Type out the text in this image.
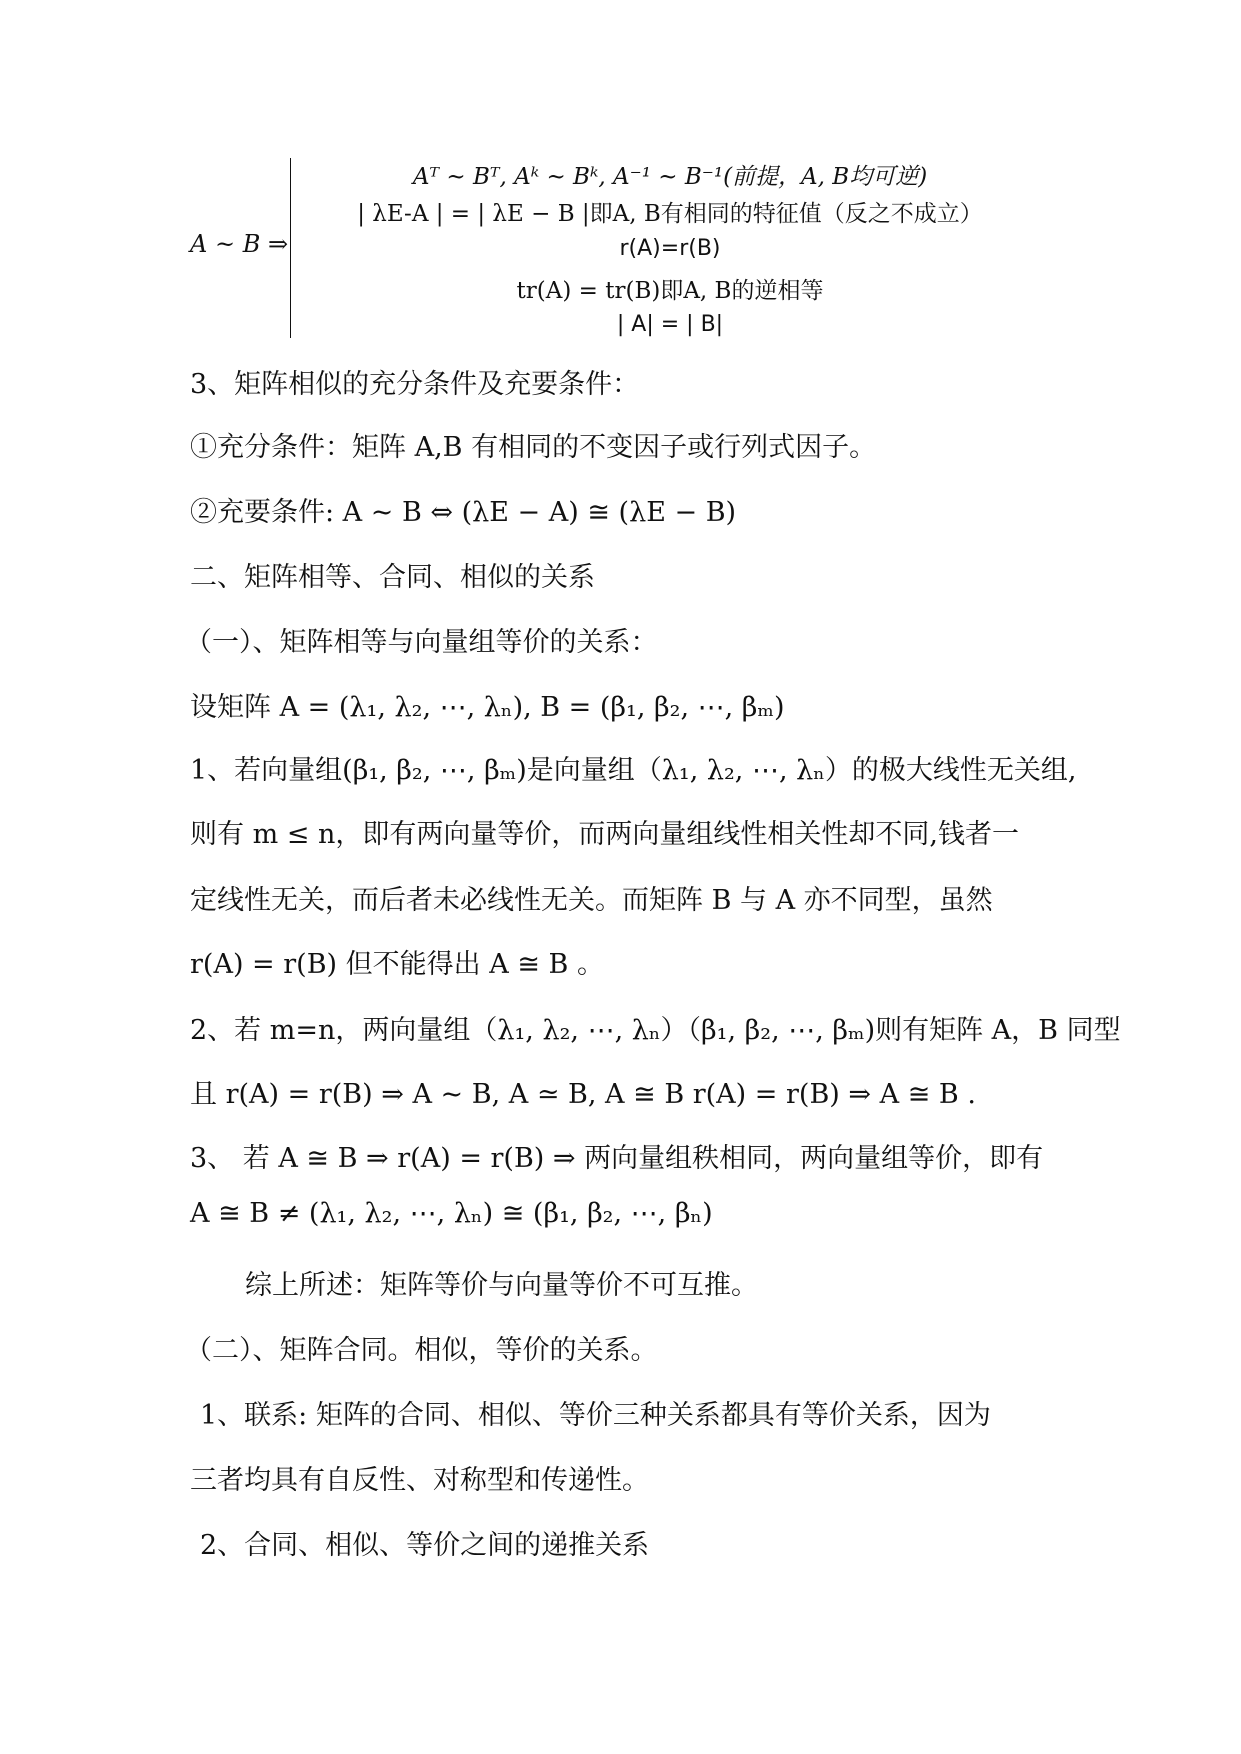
A ~ B ⇒
Aᵀ ~ Bᵀ, Aᵏ ~ Bᵏ, A⁻¹ ~ B⁻¹(前提，A, B均可逆)
| λE-A | = | λE − B |即A, B有相同的特征值（反之不成立）
r(A)=r(B)
tr(A) = tr(B)即A, B的逆相等
| A| = | B|
3、矩阵相似的充分条件及充要条件：
①充分条件：矩阵 A,B 有相同的不变因子或行列式因子。
②充要条件: A ~ B ⇔ (λE − A) ≅ (λE − B)
二、矩阵相等、合同、相似的关系
（一）、矩阵相等与向量组等价的关系：
设矩阵 A = (λ₁, λ₂, ⋯, λₙ), B = (β₁, β₂, ⋯, βₘ)
1、若向量组(β₁, β₂, ⋯, βₘ)是向量组（λ₁, λ₂, ⋯, λₙ）的极大线性无关组,
则有 m ≤ n，即有两向量等价，而两向量组线性相关性却不同,钱者一
定线性无关，而后者未必线性无关。而矩阵 B 与 A 亦不同型，虽然
r(A) = r(B) 但不能得出 A ≅ B 。
2、若 m=n，两向量组（λ₁, λ₂, ⋯, λₙ）（β₁, β₂, ⋯, βₘ)则有矩阵 A，B 同型
且 r(A) = r(B) ⇒ A ~ B, A ≃ B, A ≅ B r(A) = r(B) ⇒ A ≅ B .
3、 若 A ≅ B ⇒ r(A) = r(B) ⇒ 两向量组秩相同，两向量组等价，即有
A ≅ B ≠ (λ₁, λ₂, ⋯, λₙ) ≅ (β₁, β₂, ⋯, βₙ)
综上所述：矩阵等价与向量等价不可互推。
（二）、矩阵合同。相似，等价的关系。
1、联系: 矩阵的合同、相似、等价三种关系都具有等价关系，因为
三者均具有自反性、对称型和传递性。
2、合同、相似、等价之间的递推关系
